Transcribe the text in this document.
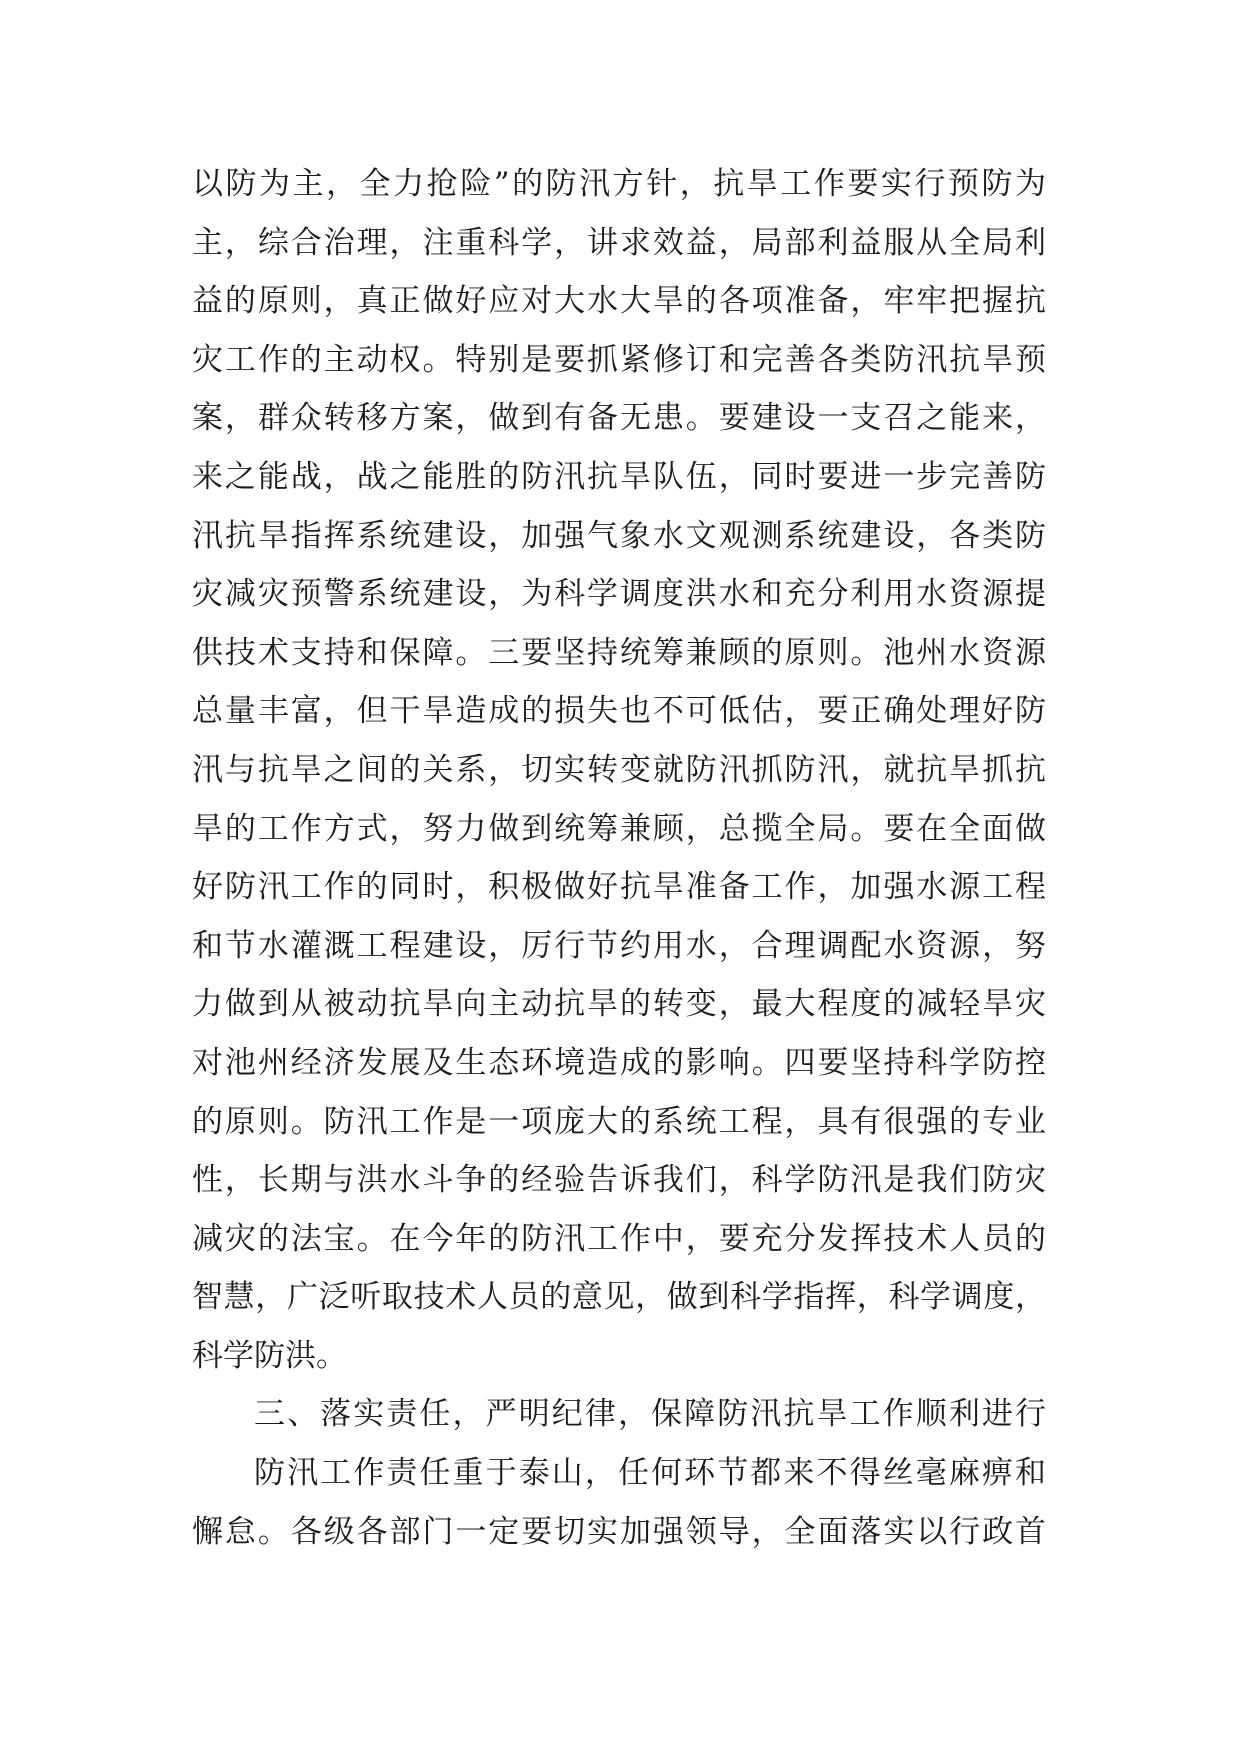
以防为主，全力抢险”的防汛方针，抗旱工作要实行预防为
主，综合治理，注重科学，讲求效益，局部利益服从全局利
益的原则，真正做好应对大水大旱的各项准备，牢牢把握抗
灾工作的主动权。特别是要抓紧修订和完善各类防汛抗旱预
案，群众转移方案，做到有备无患。要建设一支召之能来，
来之能战，战之能胜的防汛抗旱队伍，同时要进一步完善防
汛抗旱指挥系统建设，加强气象水文观测系统建设，各类防
灾减灾预警系统建设，为科学调度洪水和充分利用水资源提
供技术支持和保障。三要坚持统筹兼顾的原则。池州水资源
总量丰富，但干旱造成的损失也不可低估，要正确处理好防
汛与抗旱之间的关系，切实转变就防汛抓防汛，就抗旱抓抗
旱的工作方式，努力做到统筹兼顾，总揽全局。要在全面做
好防汛工作的同时，积极做好抗旱准备工作，加强水源工程
和节水灌溉工程建设，厉行节约用水，合理调配水资源，努
力做到从被动抗旱向主动抗旱的转变，最大程度的减轻旱灾
对池州经济发展及生态环境造成的影响。四要坚持科学防控
的原则。防汛工作是一项庞大的系统工程，具有很强的专业
性，长期与洪水斗争的经验告诉我们，科学防汛是我们防灾
减灾的法宝。在今年的防汛工作中，要充分发挥技术人员的
智慧，广泛听取技术人员的意见，做到科学指挥，科学调度，
科学防洪。
三、落实责任，严明纪律，保障防汛抗旱工作顺利进行
防汛工作责任重于泰山，任何环节都来不得丝毫麻痹和
懈怠。各级各部门一定要切实加强领导，全面落实以行政首
